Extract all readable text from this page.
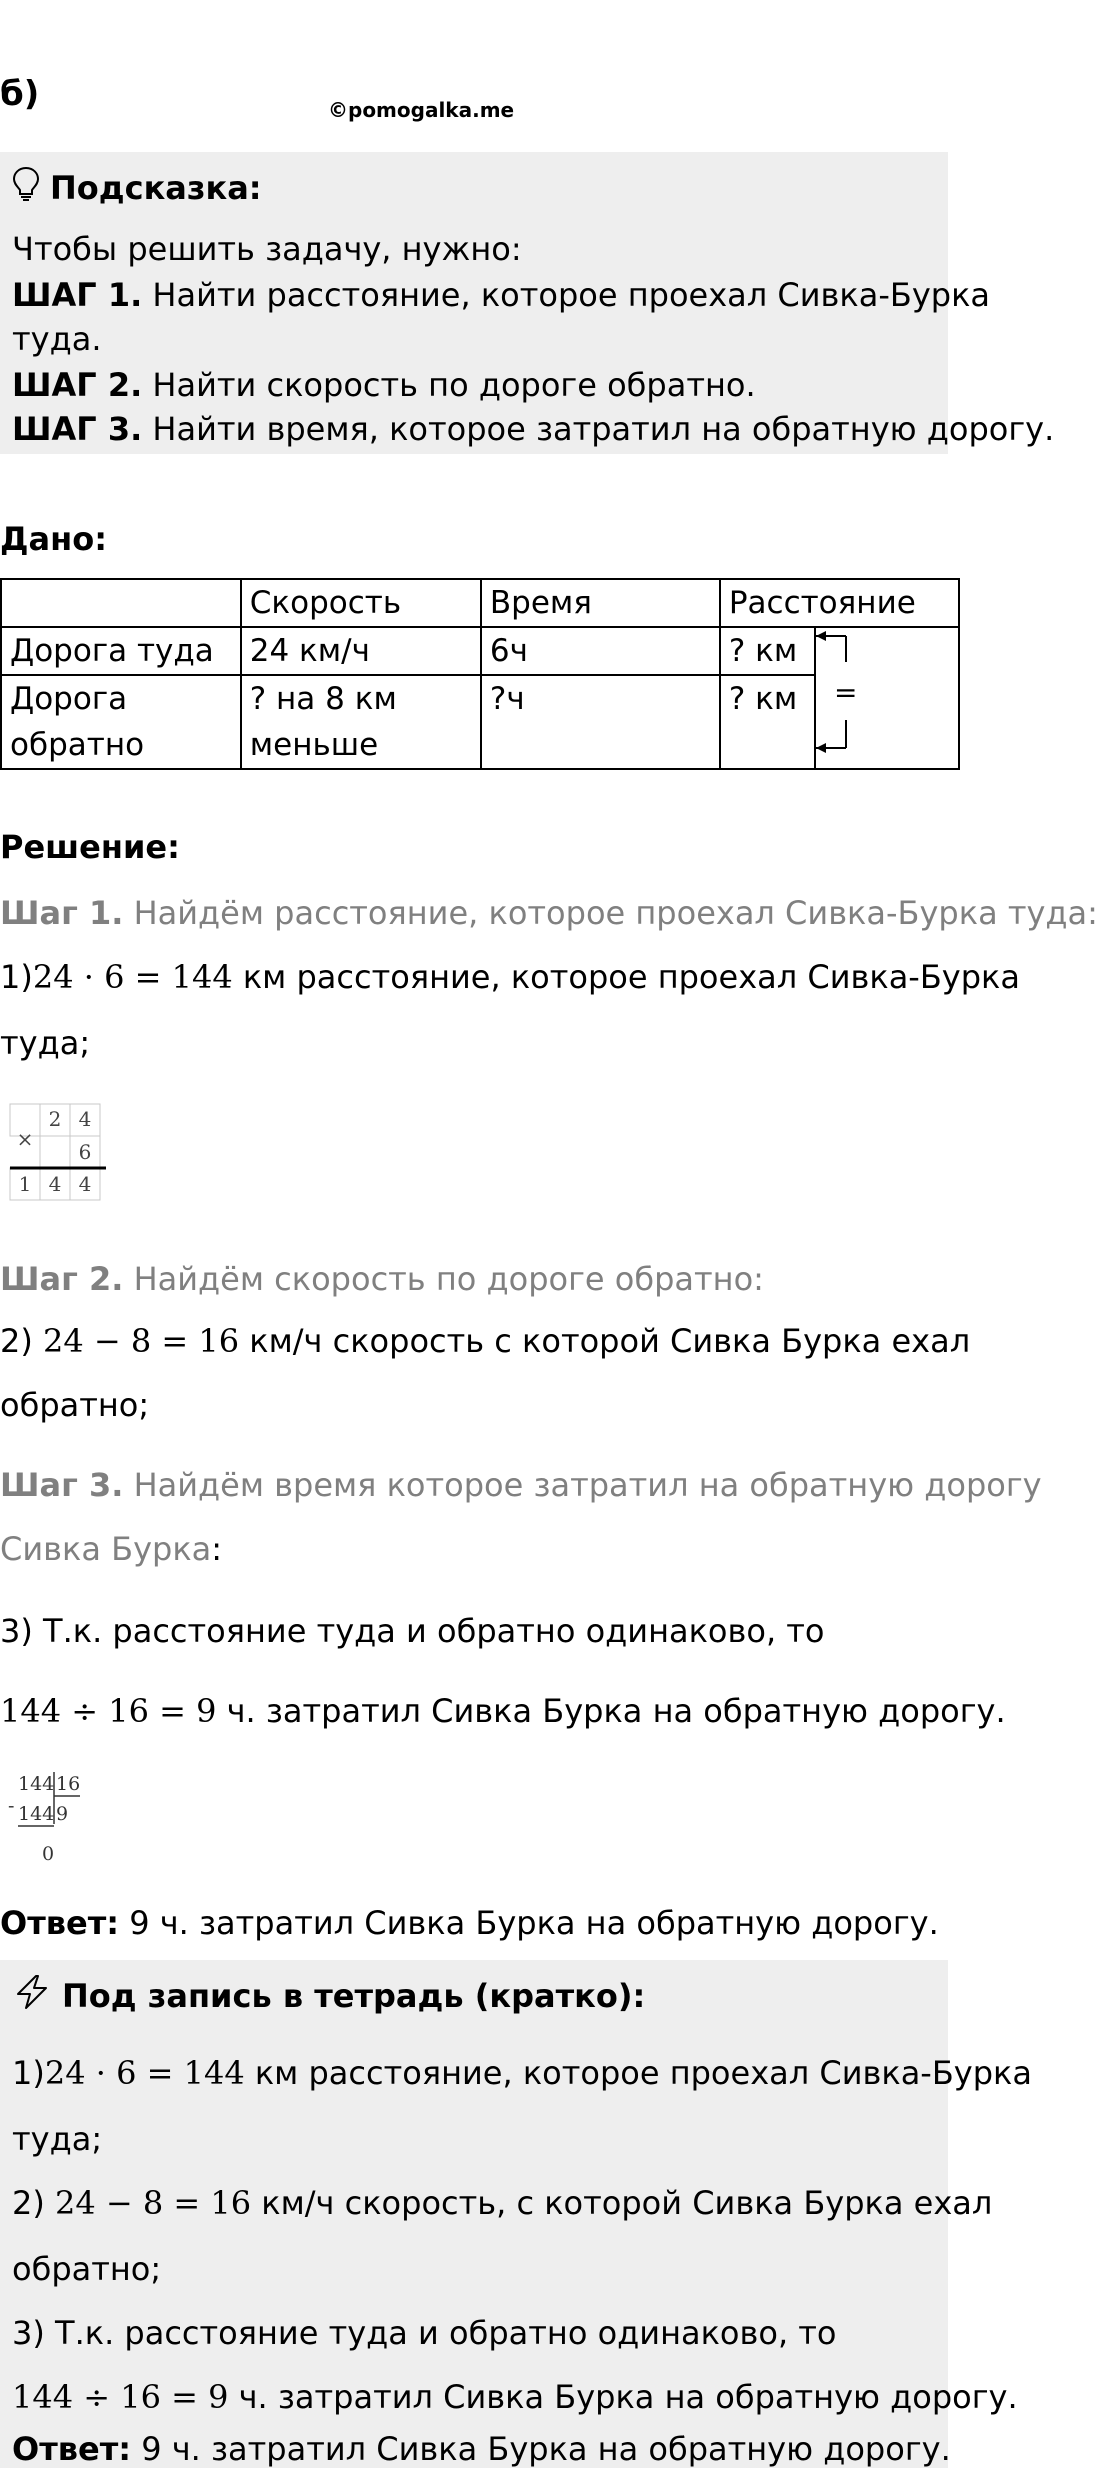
б)	©pomogalka.me
Подсказка:
Чтобы решить задачу, нужно:
ШАГ 1. Найти расстояние, которое проехал Сивка-Бурка
туда.
ШАГ 2. Найти скорость по дороге обратно.
ШАГ 3. Найти время, которое затратил на обратную дорогу.
Дано:
	Скорость	Время	Расстояние	
Дорога туда	24 км/ч	6ч	? км	=

Дорога обратно	? на 8 км меньше	?ч	? км	
Решение:
Шаг 1. Найдём расстояние, которое проехал Сивка-Бурка туда:
1)24 · 6 = 144 км расстояние, которое проехал Сивка-Бурка
туда;
×
2 4
6
1 4 4
Шаг 2. Найдём скорость по дороге обратно:
2) 24 − 8 = 16 км/ч скорость с которой Сивка Бурка ехал
обратно;
Шаг 3. Найдём время которое затратил на обратную дорогу
Сивка Бурка:
3) Т.к. расстояние туда и обратно одинаково, то
144 ÷ 16 = 9 ч. затратил Сивка Бурка на обратную дорогу.
144 16
- 144 9
0
Ответ: 9 ч. затратил Сивка Бурка на обратную дорогу.
Под запись в тетрадь (кратко):
1)24 · 6 = 144 км расстояние, которое проехал Сивка-Бурка
туда;
2) 24 − 8 = 16 км/ч скорость, с которой Сивка Бурка ехал
обратно;
3) Т.к. расстояние туда и обратно одинаково, то
144 ÷ 16 = 9 ч. затратил Сивка Бурка на обратную дорогу.
Ответ: 9 ч. затратил Сивка Бурка на обратную дорогу.
